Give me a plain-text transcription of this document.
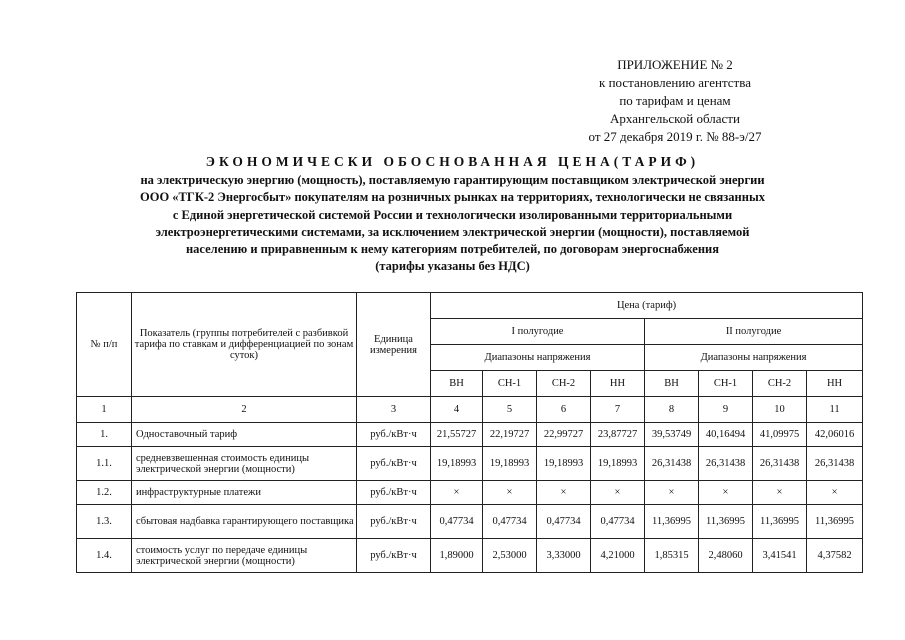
ПРИЛОЖЕНИЕ № 2
к постановлению агентства
по тарифам и ценам
Архангельской области
от 27 декабря 2019 г. № 88-э/27
ЭКОНОМИЧЕСКИ ОБОСНОВАННАЯ ЦЕНА(ТАРИФ)
на электрическую энергию (мощность), поставляемую гарантирующим поставщиком электрической энергии
ООО «ТГК-2 Энергосбыт» покупателям на розничных рынках на территориях, технологически не связанных
с Единой энергетической системой России и технологически изолированными территориальными
электроэнергетическими системами, за исключением электрической энергии (мощности), поставляемой
населению и приравненным к нему категориям потребителей, по договорам энергоснабжения
(тарифы указаны без НДС)
№ п/п	Показатель (группы потребителей с разбивкой тарифа по ставкам и дифференциацией по зонам суток)	Единица измерения	Цена (тариф)							
			I полугодие				II полугодие			
			Диапазоны напряжения				Диапазоны напряжения			
			ВН	СН-1	СН-2	НН	ВН	СН-1	СН-2	НН
1	2	3	4	5	6	7	8	9	10	11
1.	Одноставочный тариф	руб./кВт·ч	21,55727	22,19727	22,99727	23,87727	39,53749	40,16494	41,09975	42,06016
1.1.	средневзвешенная стоимость единицы электрической энергии (мощности)	руб./кВт·ч	19,18993	19,18993	19,18993	19,18993	26,31438	26,31438	26,31438	26,31438
1.2.	инфраструктурные платежи	руб./кВт·ч	×	×	×	×	×	×	×	×
1.3.	сбытовая надбавка гарантирующего поставщика	руб./кВт·ч	0,47734	0,47734	0,47734	0,47734	11,36995	11,36995	11,36995	11,36995
1.4.	стоимость услуг по передаче единицы электрической энергии (мощности)	руб./кВт·ч	1,89000	2,53000	3,33000	4,21000	1,85315	2,48060	3,41541	4,37582
